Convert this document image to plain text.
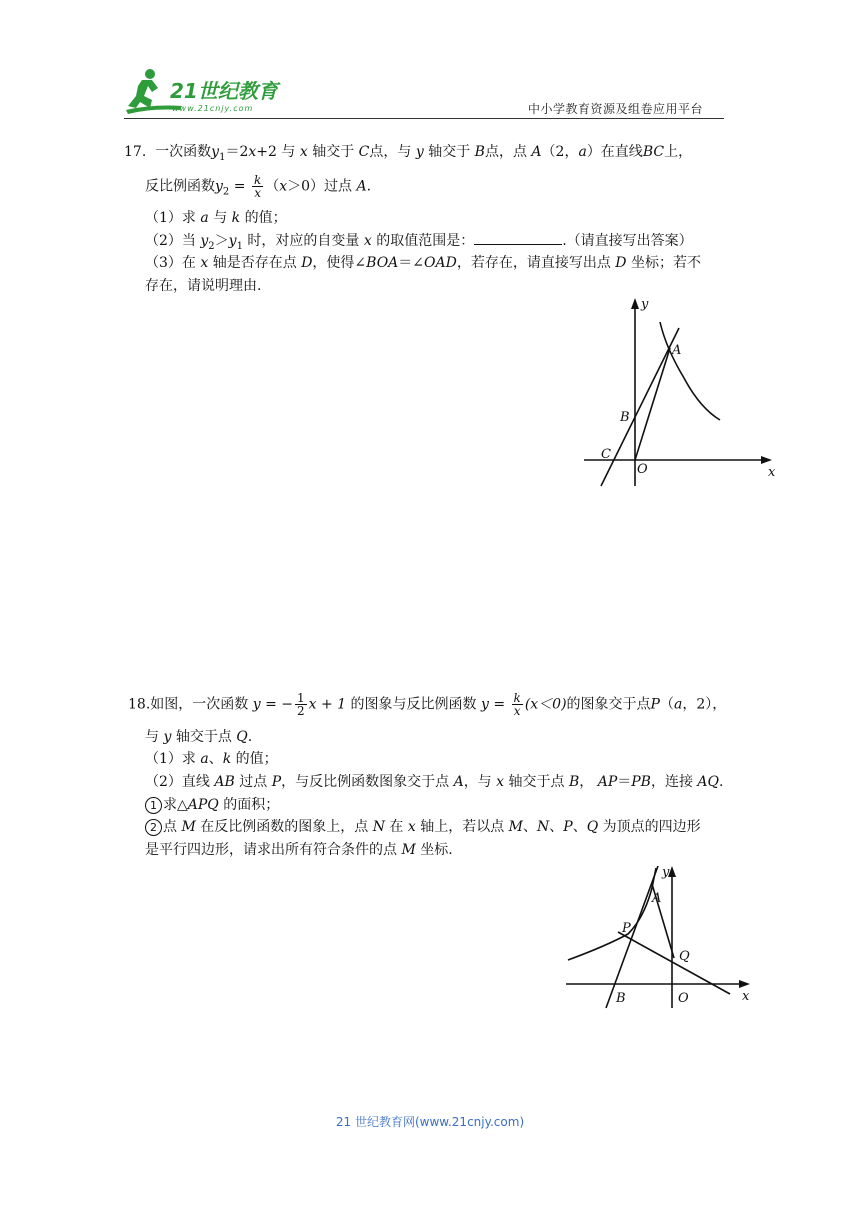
21世纪教育
www.21cnjy.com	中小学教育资源及组卷应用平台
17. 一次函数$y_1=2x+2$ 与 x 轴交于 C点，与 y 轴交于 B点，点 A（2，a）在直线BC上，
反比例函数$y_2 = \frac{k}{x} (x>0)$过点 A.
（1）求 a 与 k 的值；
（2）当 $y_2>y_1$ 时，对应的自变量 x 的取值范围是：	.（请直接写出答案）
（3）在 x 轴是否存在点 D，使得∠BOA＝∠OAD，若存在，请直接写出点 D 坐标；若不
存在，请说明理由.
y
x
A
B
C
O
18.如图，一次函数 y = − $\frac{1}{2}$ x + 1 的图象与反比例函数 $y = \frac{k}{x} (x<0)$的图象交于点P（a，2），
与 y 轴交于点 Q.
（1）求 a、k 的值；
（2）直线 AB 过点 P，与反比例函数图象交于点 A，与 x 轴交于点 B， AP＝PB，连接 AQ.
1 求△APQ 的面积；
2 点 M 在反比例函数的图象上，点 N 在 x 轴上，若以点 M、N、P、Q 为顶点的四边形
是平行四边形，请求出所有符合条件的点 M 坐标.
y
x
A
P
Q
B	O
21 世纪教育网(www.21cnjy.com)
